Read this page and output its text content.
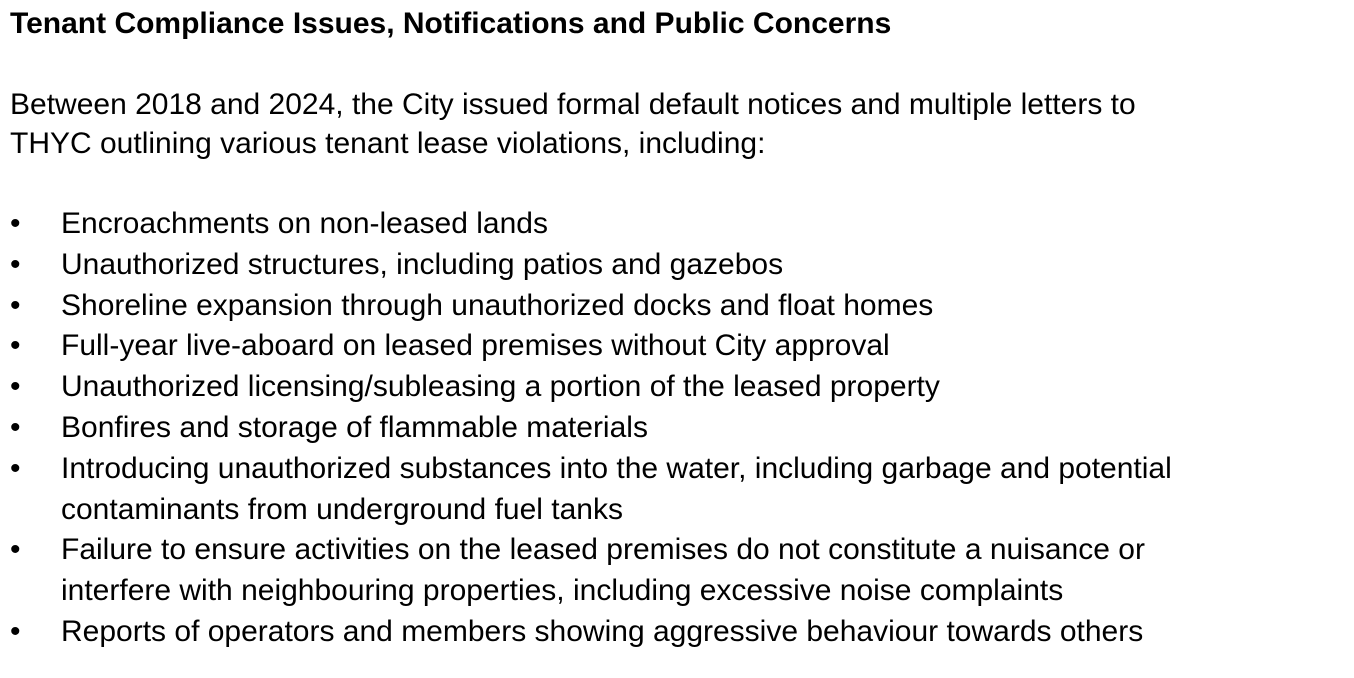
Tenant Compliance Issues, Notifications and Public Concerns

Between 2018 and 2024, the City issued formal default notices and multiple letters to
THYC outlining various tenant lease violations, including:

•	Encroachments on non-leased lands
•	Unauthorized structures, including patios and gazebos
•	Shoreline expansion through unauthorized docks and float homes
•	Full-year live-aboard on leased premises without City approval
•	Unauthorized licensing/subleasing a portion of the leased property
•	Bonfires and storage of flammable materials
•	Introducing unauthorized substances into the water, including garbage and potential
contaminants from underground fuel tanks
•	Failure to ensure activities on the leased premises do not constitute a nuisance or
interfere with neighbouring properties, including excessive noise complaints
•	Reports of operators and members showing aggressive behaviour towards others
